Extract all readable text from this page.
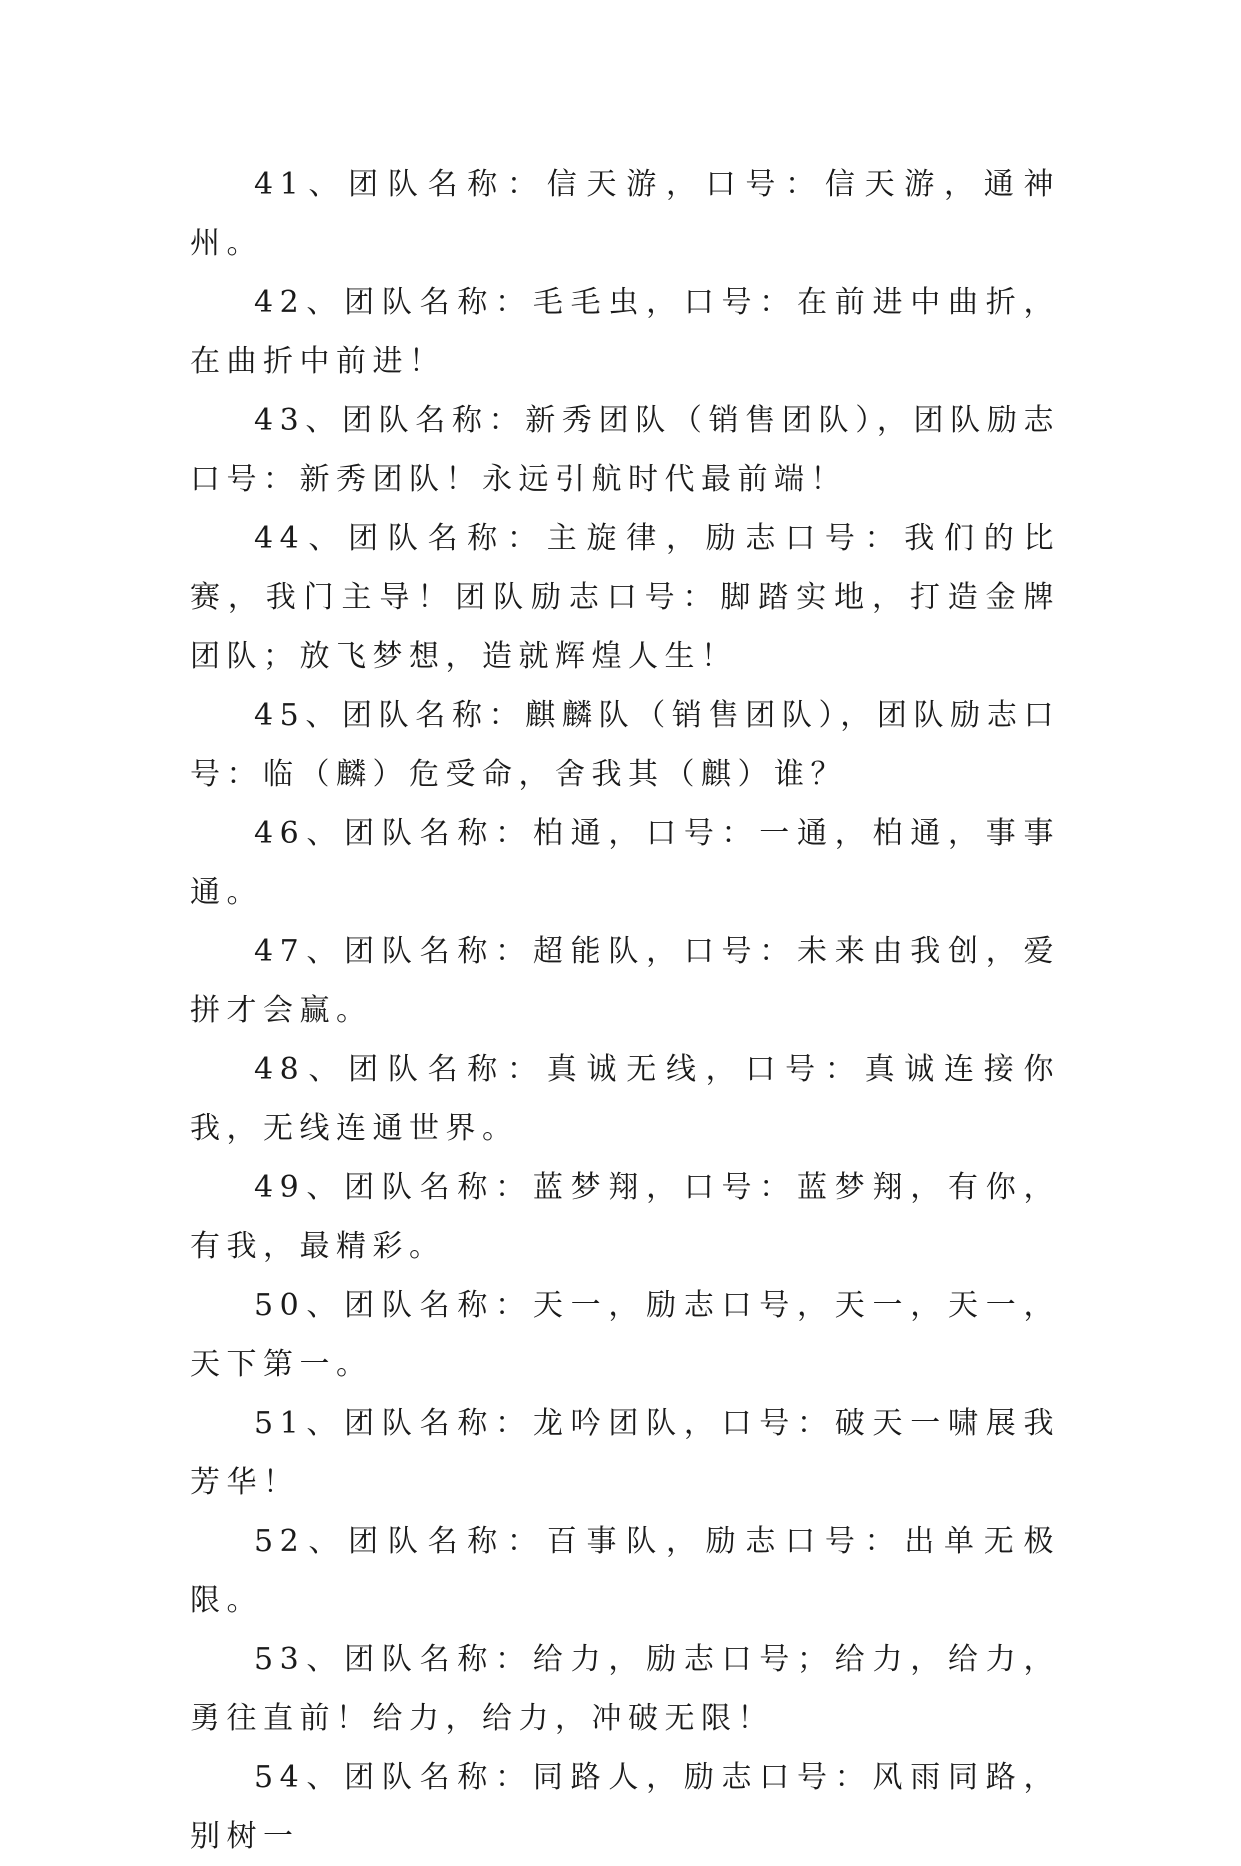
41、团队名称：信天游，口号：信天游，通神州。

42、团队名称：毛毛虫，口号：在前进中曲折，在曲折中前进！

43、团队名称：新秀团队（销售团队），团队励志口号：新秀团队！永远引航时代最前端！

44、团队名称：主旋律，励志口号：我们的比赛，我门主导！团队励志口号：脚踏实地，打造金牌团队；放飞梦想，造就辉煌人生！

45、团队名称：麒麟队（销售团队），团队励志口号：临（麟）危受命，舍我其（麒）谁？

46、团队名称：柏通，口号：一通，柏通，事事通。

47、团队名称：超能队，口号：未来由我创，爱拼才会赢。

48、团队名称：真诚无线，口号：真诚连接你我，无线连通世界。

49、团队名称：蓝梦翔，口号：蓝梦翔，有你，有我，最精彩。

50、团队名称：天一，励志口号，天一，天一，天下第一。

51、团队名称：龙吟团队，口号：破天一啸展我芳华！

52、团队名称：百事队，励志口号：出单无极限。

53、团队名称：给力，励志口号；给力，给力，勇往直前！给力，给力，冲破无限！

54、团队名称：同路人，励志口号：风雨同路，别树一
